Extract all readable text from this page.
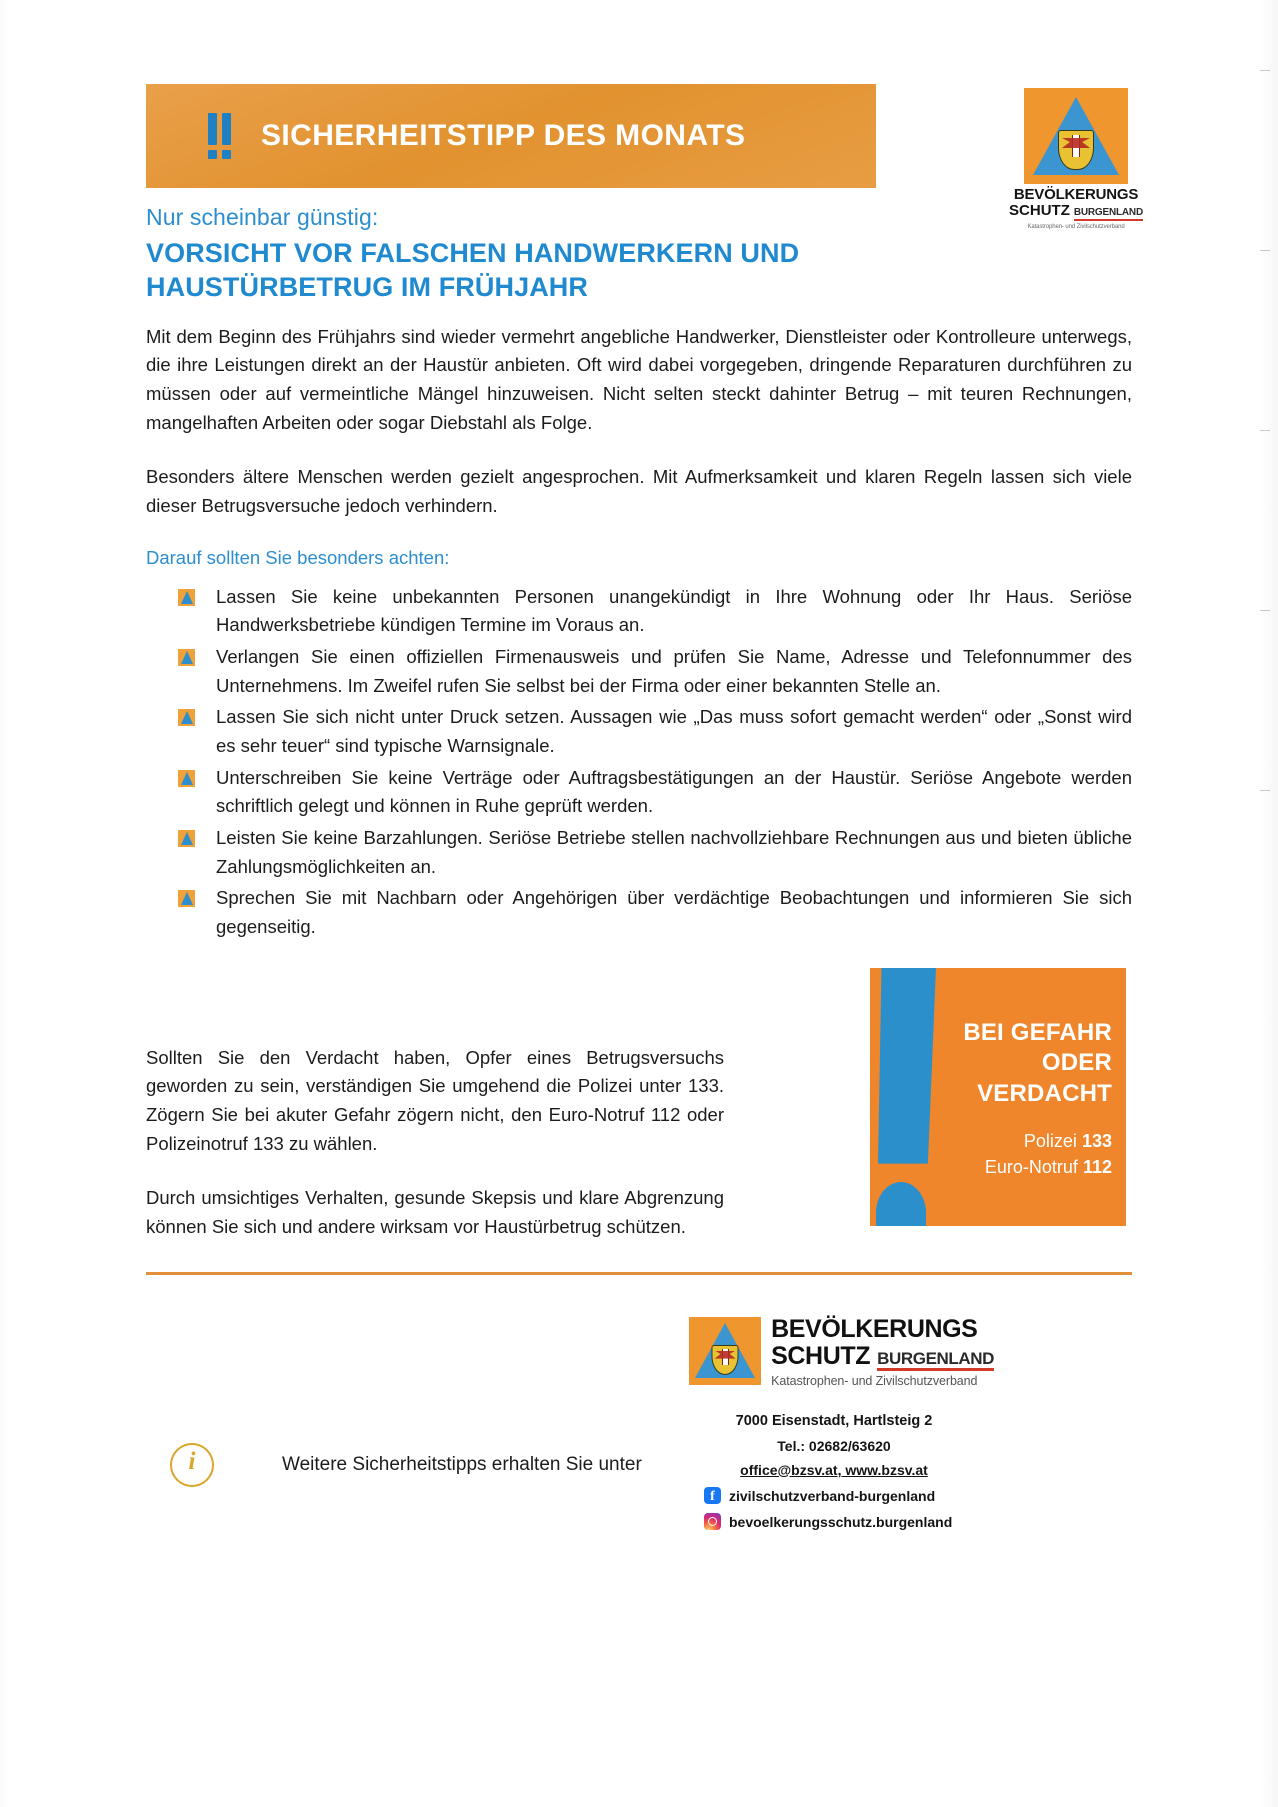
SICHERHEITSTIPP DES MONATS
BEVÖLKERUNGS
SCHUTZ BURGENLAND
Katastrophen- und Zivilschutzverband
Nur scheinbar günstig:
VORSICHT VOR FALSCHEN HANDWERKERN UND HAUSTÜRBETRUG IM FRÜHJAHR

Mit dem Beginn des Frühjahrs sind wieder vermehrt angebliche Handwerker, Dienstleister oder Kontrolleure unterwegs, die ihre Leistungen direkt an der Haustür anbieten. Oft wird dabei vorgegeben, dringende Reparaturen durchführen zu müssen oder auf vermeintliche Mängel hinzuweisen. Nicht selten steckt dahinter Betrug – mit teuren Rechnungen, mangelhaften Arbeiten oder sogar Diebstahl als Folge.

Besonders ältere Menschen werden gezielt angesprochen. Mit Aufmerksamkeit und klaren Regeln lassen sich viele dieser Betrugsversuche jedoch verhindern.

Darauf sollten Sie besonders achten:

Lassen Sie keine unbekannten Personen unangekündigt in Ihre Wohnung oder Ihr Haus. Seriöse Handwerksbetriebe kündigen Termine im Voraus an.
Verlangen Sie einen offiziellen Firmenausweis und prüfen Sie Name, Adresse und Telefonnummer des Unternehmens. Im Zweifel rufen Sie selbst bei der Firma oder einer bekannten Stelle an.
Lassen Sie sich nicht unter Druck setzen. Aussagen wie „Das muss sofort gemacht werden“ oder „Sonst wird es sehr teuer“ sind typische Warnsignale.
Unterschreiben Sie keine Verträge oder Auftragsbestätigungen an der Haustür. Seriöse Angebote werden schriftlich gelegt und können in Ruhe geprüft werden.
Leisten Sie keine Barzahlungen. Seriöse Betriebe stellen nachvollziehbare Rechnungen aus und bieten übliche Zahlungsmöglichkeiten an.
Sprechen Sie mit Nachbarn oder Angehörigen über verdächtige Beobachtungen und informieren Sie sich gegenseitig.
BEI GEFAHR
ODER
VERDACHT
Polizei 133
Euro-Notruf 112

Sollten Sie den Verdacht haben, Opfer eines Betrugsversuchs geworden zu sein, verständigen Sie umgehend die Polizei unter 133. Zögern Sie bei akuter Gefahr zögern nicht, den Euro-Notruf 112 oder Polizeinotruf 133 zu wählen.

Durch umsichtiges Verhalten, gesunde Skepsis und klare Abgrenzung können Sie sich und andere wirksam vor Haustürbetrug schützen.

BEVÖLKERUNGS
SCHUTZ BURGENLAND
Katastrophen- und Zivilschutzverband
7000 Eisenstadt, Hartlsteig 2
Tel.: 02682/63620
office@bzsv.at, www.bzsv.at
f
zivilschutzverband-burgenland
bevoelkerungsschutz.burgenland
i
Weitere Sicherheitstipps erhalten Sie unter
